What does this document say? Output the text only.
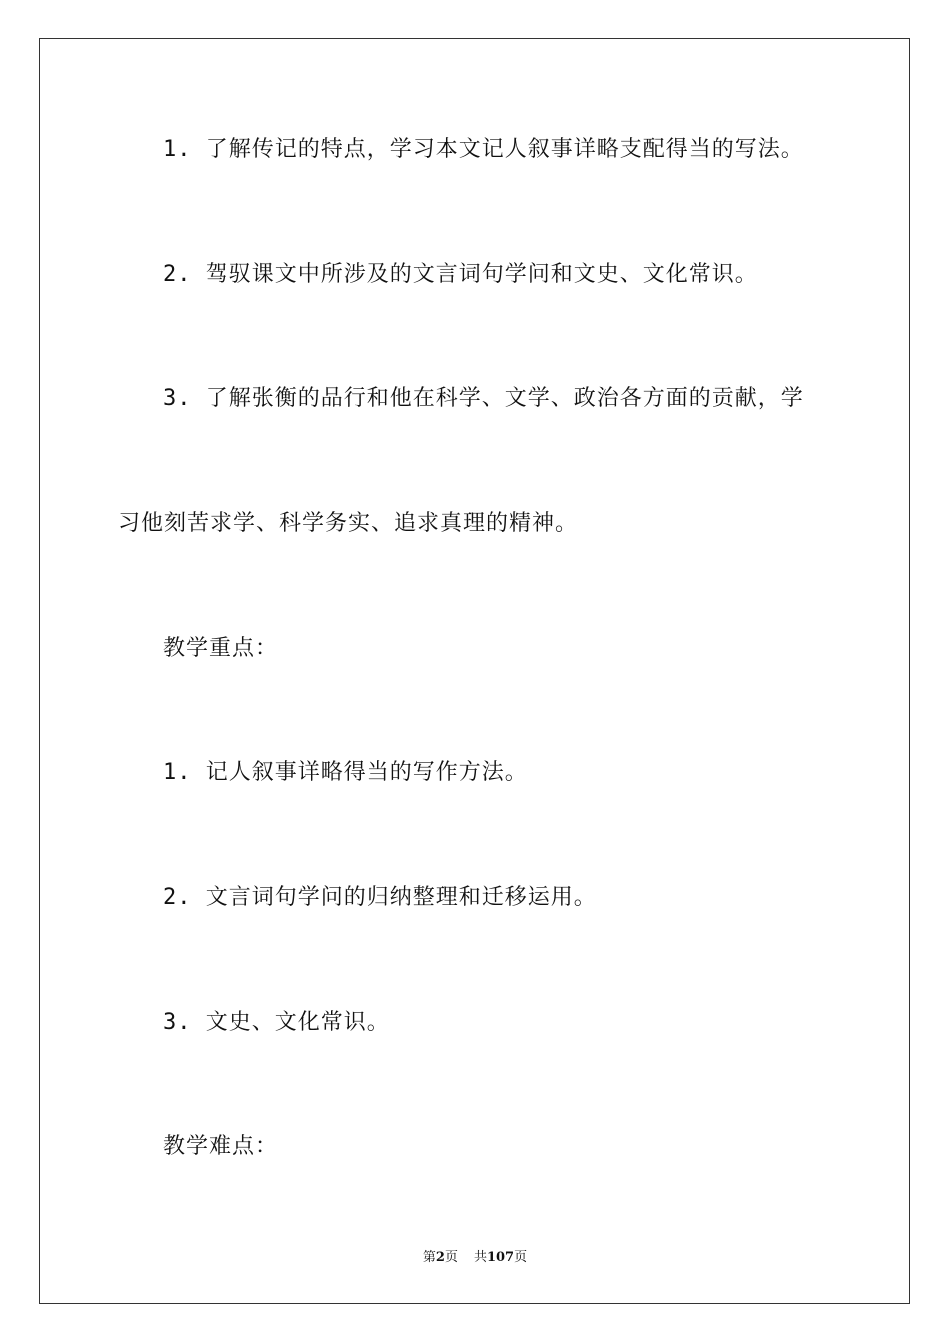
1. 了解传记的特点，学习本文记人叙事详略支配得当的写法。
2. 驾驭课文中所涉及的文言词句学问和文史、文化常识。
3. 了解张衡的品行和他在科学、文学、政治各方面的贡献，学
习他刻苦求学、科学务实、追求真理的精神。
教学重点：
1. 记人叙事详略得当的写作方法。
2. 文言词句学问的归纳整理和迁移运用。
3. 文史、文化常识。
教学难点：
第2页 共107页
